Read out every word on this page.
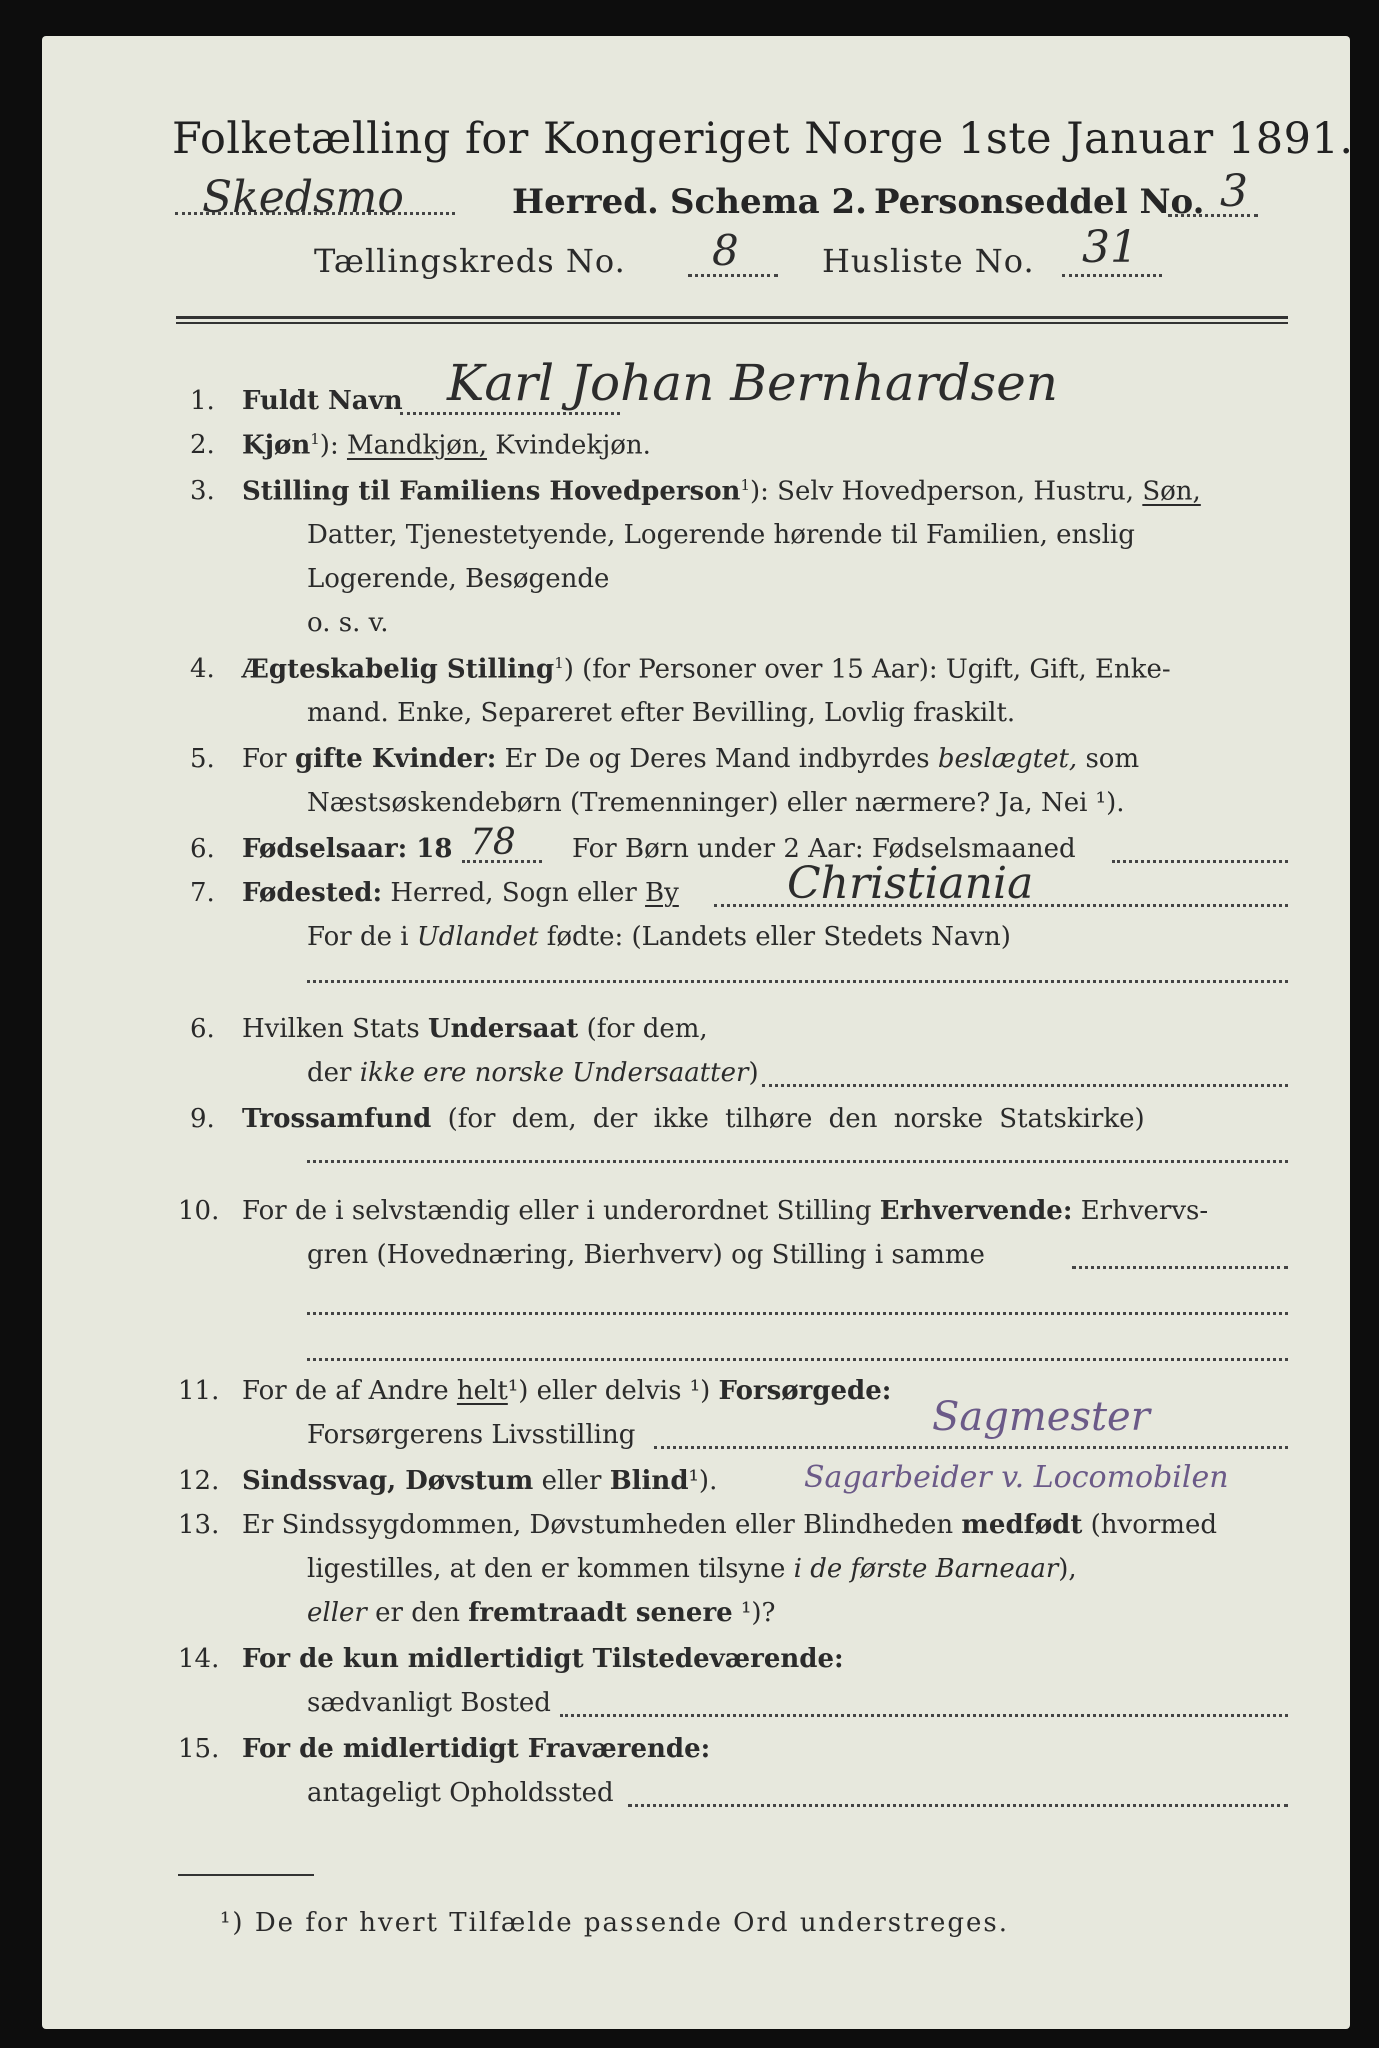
Folketælling for Kongeriget Norge 1ste Januar 1891.
Skedsmo	Herred. Schema 2. Personseddel No. 3
Tællingskreds No. 8	Husliste No. 31
1. Fuldt Navn Karl Johan Bernhardsen
2. Kjøn$^1$): Mandkjøn, Kvindekjøn.
3. Stilling til Familiens Hovedperson$^1$): Selv Hovedperson, Hustru, Søn,
Datter, Tjenestetyende, Logerende hørende til Familien, enslig
Logerende, Besøgende
o. s. v.
4. Ægteskabelig Stilling$^1$) (for Personer over 15 Aar): Ugift, Gift, Enke-
mand. Enke, Separeret efter Bevilling, Lovlig fraskilt.
5. For gifte Kvinder: Er De og Deres Mand indbyrdes beslægtet, som
Næstsøskendebørn (Tremenninger) eller nærmere? Ja, Nei ¹).
6. Fødselsaar: 18 78 For Børn under 2 Aar: Fødselsmaaned
7. Fødested: Herred, Sogn eller By Christiania
For de i Udlandet fødte: (Landets eller Stedets Navn)
6. Hvilken Stats Undersaat (for dem,
der ikke ere norske Undersaatter)
9. Trossamfund (for dem, der ikke tilhøre den norske Statskirke)
10. For de i selvstændig eller i underordnet Stilling Erhvervende: Erhvervs-
gren (Hovednæring, Bierhverv) og Stilling i samme
11. For de af Andre helt¹) eller delvis ¹) Forsørgede:
Forsørgerens Livsstilling	Sagmester
Sagarbeider v. Locomobilen
12. Sindssvag, Døvstum eller Blind¹).
13. Er Sindssygdommen, Døvstumheden eller Blindheden medfødt (hvormed
ligestilles, at den er kommen tilsyne i de første Barneaar),
eller er den fremtraadt senere ¹)?
14. For de kun midlertidigt Tilstedeværende:
sædvanligt Bosted
15. For de midlertidigt Fraværende:
antageligt Opholdssted
¹) De for hvert Tilfælde passende Ord understreges.
